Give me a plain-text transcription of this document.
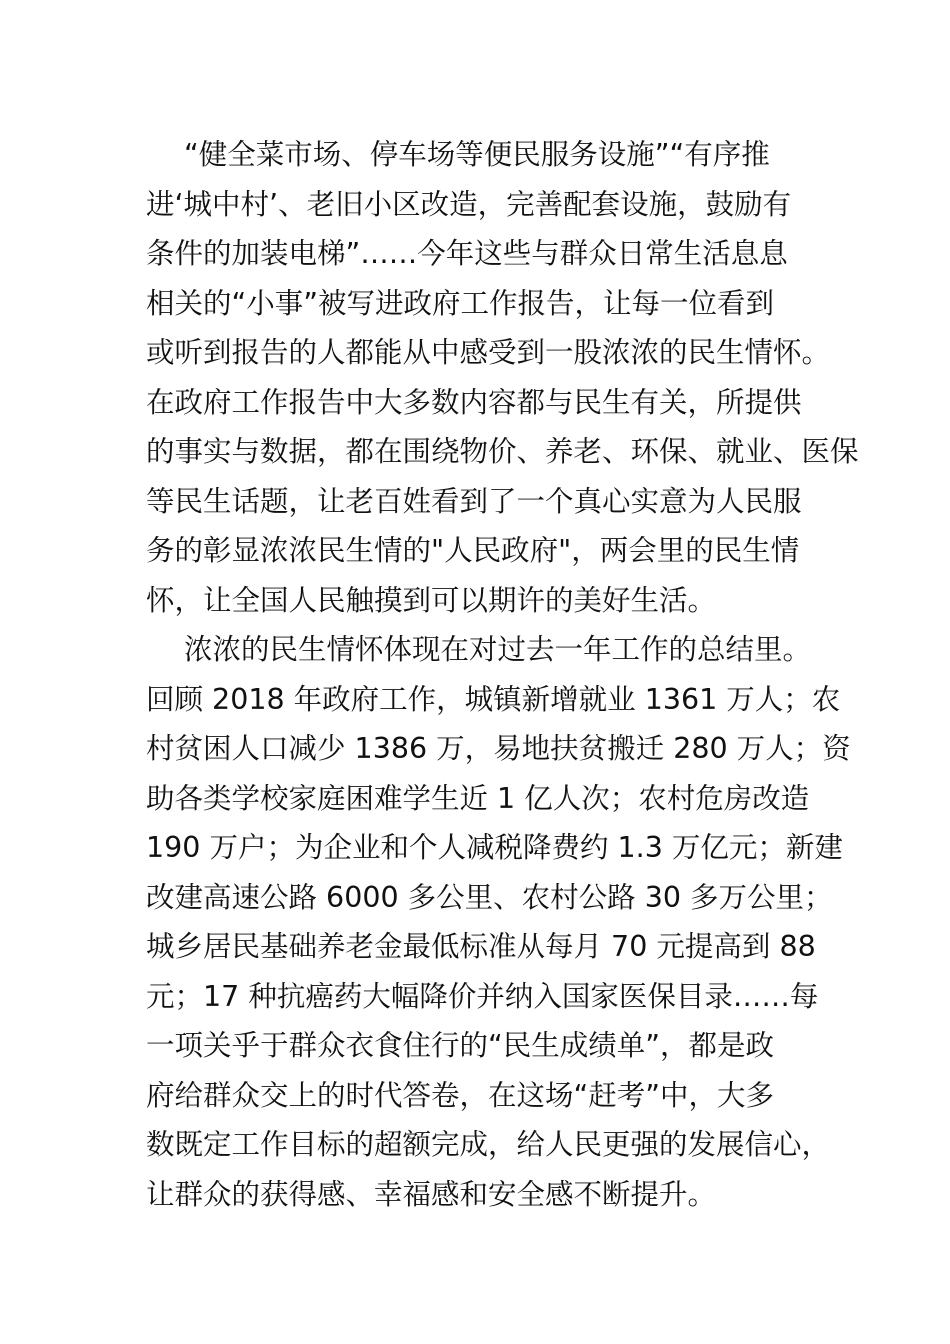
“健全菜市场、停车场等便民服务设施”“有序推
进‘城中村’、老旧小区改造，完善配套设施，鼓励有
条件的加装电梯”……今年这些与群众日常生活息息
相关的“小事”被写进政府工作报告，让每一位看到
或听到报告的人都能从中感受到一股浓浓的民生情怀。
在政府工作报告中大多数内容都与民生有关，所提供
的事实与数据，都在围绕物价、养老、环保、就业、医保
等民生话题，让老百姓看到了一个真心实意为人民服
务的彰显浓浓民生情的"人民政府"，两会里的民生情
怀，让全国人民触摸到可以期许的美好生活。
浓浓的民生情怀体现在对过去一年工作的总结里。
回顾 2018 年政府工作，城镇新增就业 1361 万人；农
村贫困人口减少 1386 万，易地扶贫搬迁 280 万人；资
助各类学校家庭困难学生近 1 亿人次；农村危房改造
190 万户；为企业和个人减税降费约 1.3 万亿元；新建
改建高速公路 6000 多公里、农村公路 30 多万公里；
城乡居民基础养老金最低标准从每月 70 元提高到 88
元；17 种抗癌药大幅降价并纳入国家医保目录……每
一项关乎于群众衣食住行的“民生成绩单”，都是政
府给群众交上的时代答卷，在这场“赶考”中，大多
数既定工作目标的超额完成，给人民更强的发展信心，
让群众的获得感、幸福感和安全感不断提升。
